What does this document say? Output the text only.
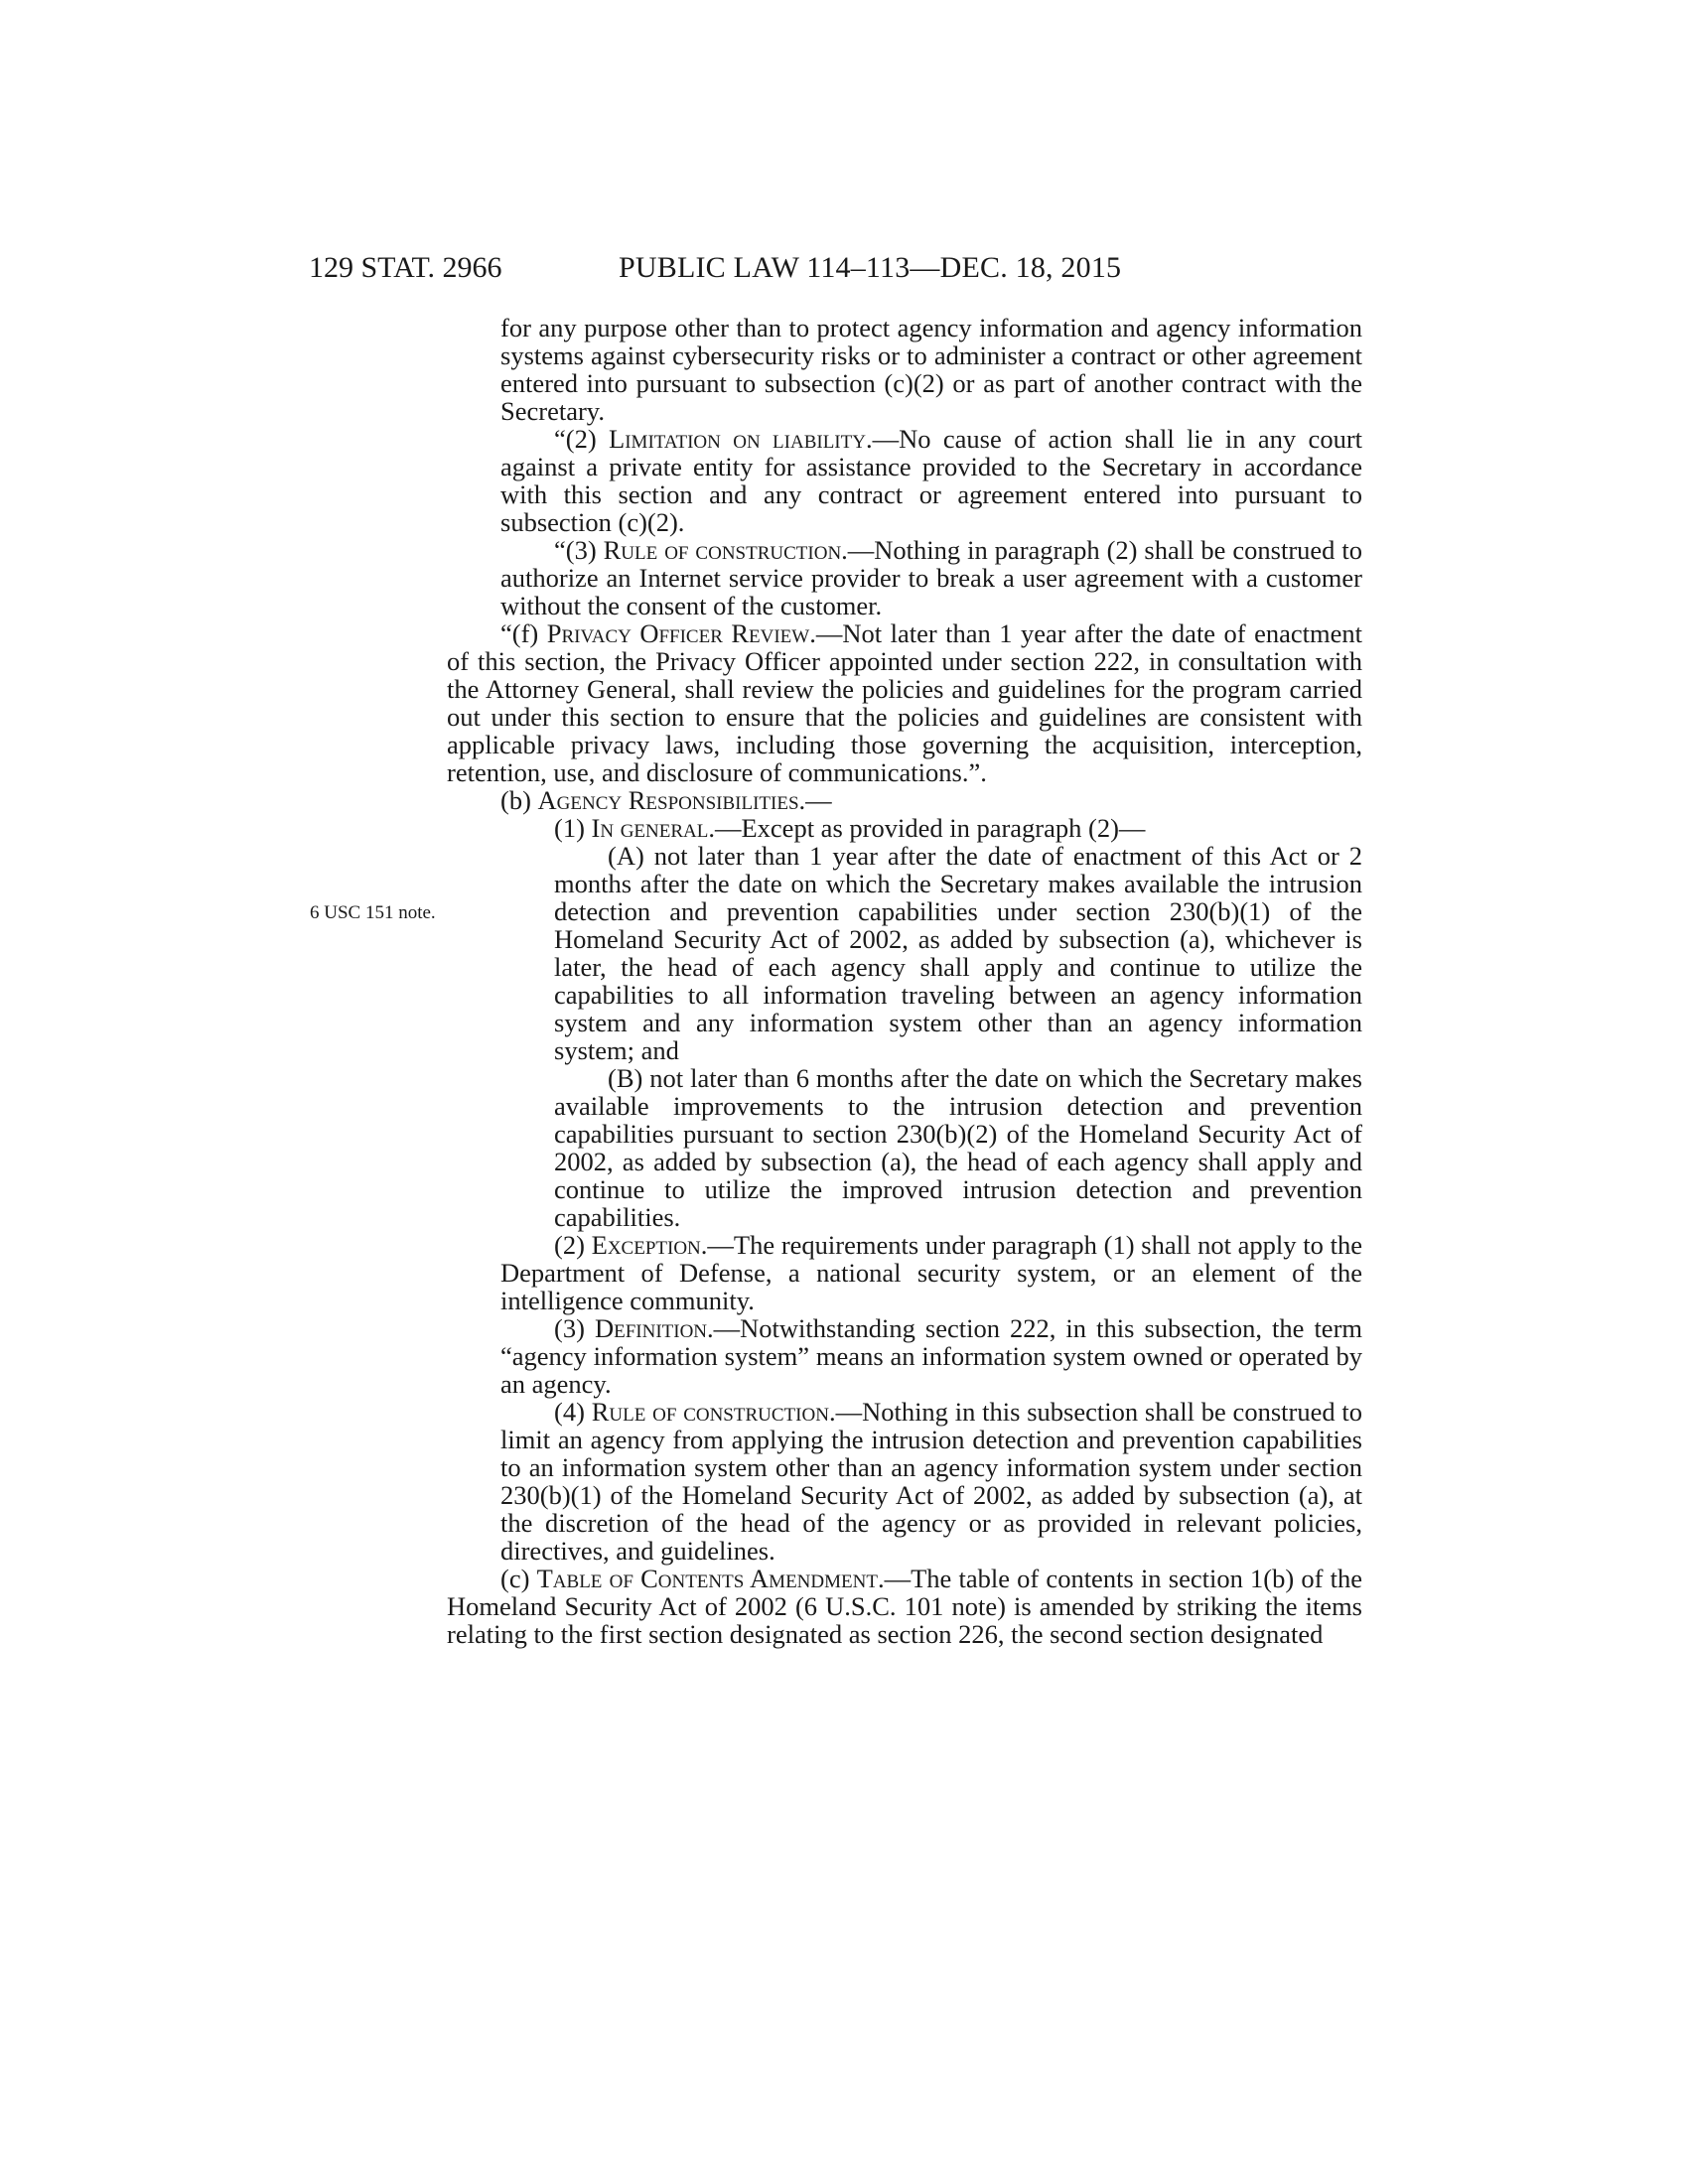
129 STAT. 2966	PUBLIC LAW 114–113—DEC. 18, 2015
6 USC 151 note.
for any purpose other than to protect agency information and agency information systems against cybersecurity risks or to administer a contract or other agreement entered into pursuant to subsection (c)(2) or as part of another contract with the Secretary.
“(2) Limitation on liability.—No cause of action shall lie in any court against a private entity for assistance provided to the Secretary in accordance with this section and any contract or agreement entered into pursuant to subsection (c)(2).
“(3) Rule of construction.—Nothing in paragraph (2) shall be construed to authorize an Internet service provider to break a user agreement with a customer without the consent of the customer.
“(f) Privacy Officer Review.—Not later than 1 year after the date of enactment of this section, the Privacy Officer appointed under section 222, in consultation with the Attorney General, shall review the policies and guidelines for the program carried out under this section to ensure that the policies and guidelines are consistent with applicable privacy laws, including those governing the acquisition, interception, retention, use, and disclosure of communications.”.
(b) Agency Responsibilities.—
(1) In general.—Except as provided in paragraph (2)—
(A) not later than 1 year after the date of enactment of this Act or 2 months after the date on which the Secretary makes available the intrusion detection and prevention capabilities under section 230(b)(1) of the Homeland Security Act of 2002, as added by subsection (a), whichever is later, the head of each agency shall apply and continue to utilize the capabilities to all information traveling between an agency information system and any information system other than an agency information system; and
(B) not later than 6 months after the date on which the Secretary makes available improvements to the intrusion detection and prevention capabilities pursuant to section 230(b)(2) of the Homeland Security Act of 2002, as added by subsection (a), the head of each agency shall apply and continue to utilize the improved intrusion detection and prevention capabilities.
(2) Exception.—The requirements under paragraph (1) shall not apply to the Department of Defense, a national security system, or an element of the intelligence community.
(3) Definition.—Notwithstanding section 222, in this subsection, the term “agency information system” means an information system owned or operated by an agency.
(4) Rule of construction.—Nothing in this subsection shall be construed to limit an agency from applying the intrusion detection and prevention capabilities to an information system other than an agency information system under section 230(b)(1) of the Homeland Security Act of 2002, as added by subsection (a), at the discretion of the head of the agency or as provided in relevant policies, directives, and guidelines.
(c) Table of Contents Amendment.—The table of contents in section 1(b) of the Homeland Security Act of 2002 (6 U.S.C. 101 note) is amended by striking the items relating to the first section designated as section 226, the second section designated
